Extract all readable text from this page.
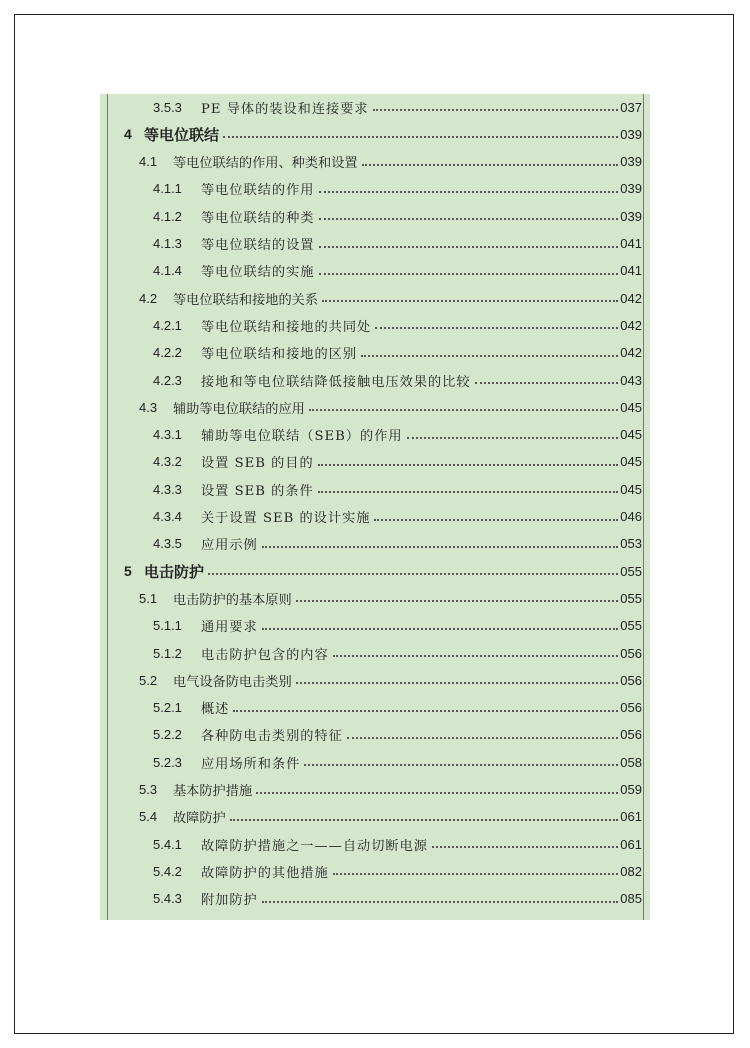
3.5.3	PE 导体的装设和连接要求	037
4 等电位联结	039
4.1	等电位联结的作用、种类和设置	039
4.1.1	等电位联结的作用	039
4.1.2	等电位联结的种类	039
4.1.3	等电位联结的设置	041
4.1.4	等电位联结的实施	041
4.2	等电位联结和接地的关系	042
4.2.1	等电位联结和接地的共同处	042
4.2.2	等电位联结和接地的区别	042
4.2.3	接地和等电位联结降低接触电压效果的比较	043
4.3	辅助等电位联结的应用	045
4.3.1	辅助等电位联结（SEB）的作用	045
4.3.2	设置 SEB 的目的	045
4.3.3	设置 SEB 的条件	045
4.3.4	关于设置 SEB 的设计实施	046
4.3.5	应用示例	053
5 电击防护	055
5.1	电击防护的基本原则	055
5.1.1	通用要求	055
5.1.2	电击防护包含的内容	056
5.2	电气设备防电击类别	056
5.2.1	概述	056
5.2.2	各种防电击类别的特征	056
5.2.3	应用场所和条件	058
5.3	基本防护措施	059
5.4	故障防护	061
5.4.1	故障防护措施之一——自动切断电源	061
5.4.2	故障防护的其他措施	082
5.4.3	附加防护	085
